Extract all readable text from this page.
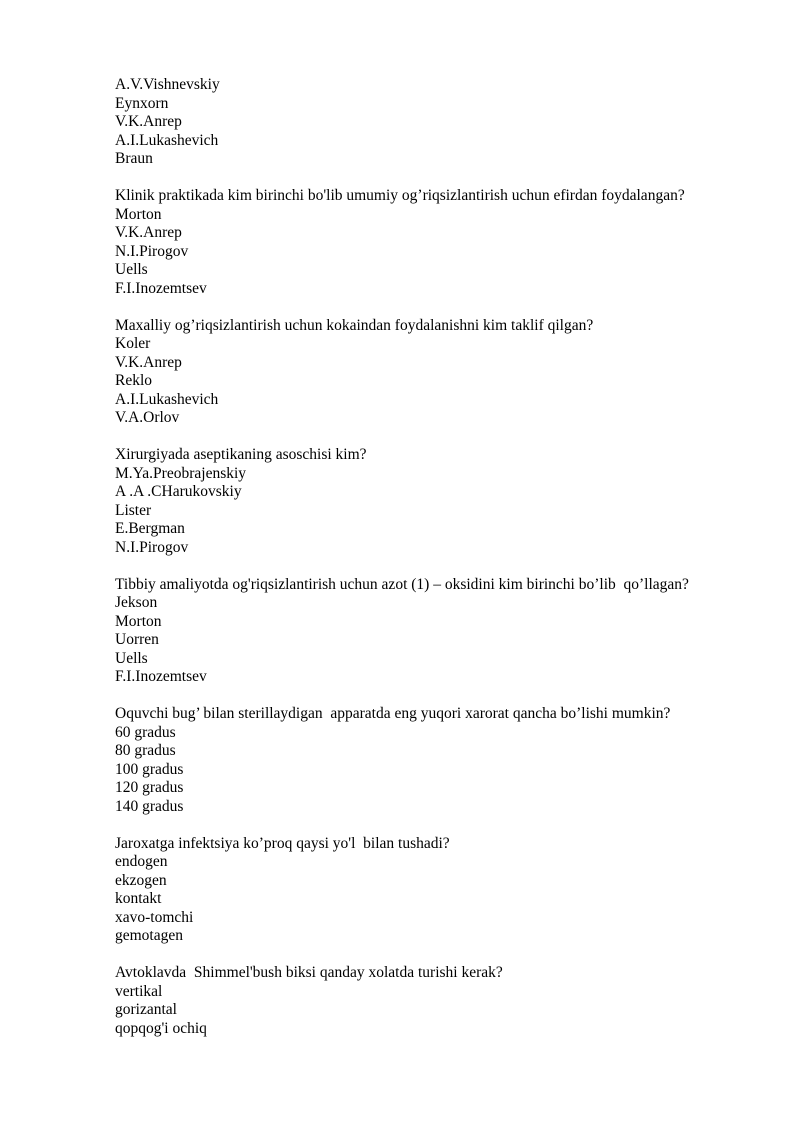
A.V.Vishnevskiy
Eynxorn
V.K.Anrep
A.I.Lukashevich
Braun
Klinik praktikada kim birinchi bo'lib umumiy og’riqsizlantirish uchun efirdan foydalangan?
Morton
V.K.Anrep
N.I.Pirogov
Uells
F.I.Inozemtsev
Maxalliy og’riqsizlantirish uchun kokaindan foydalanishni kim taklif qilgan?
Koler
V.K.Anrep
Reklo
A.I.Lukashevich
V.A.Orlov
Xirurgiyada aseptikaning asoschisi kim?
M.Ya.Preobrajenskiy
A .A .CHarukovskiy
Lister
E.Bergman
N.I.Pirogov
Tibbiy amaliyotda og'riqsizlantirish uchun azot (1) – oksidini kim birinchi bo’lib  qo’llagan?
Jekson
Morton
Uorren
Uells
F.I.Inozemtsev
Oquvchi bug’ bilan sterillaydigan  apparatda eng yuqori xarorat qancha bo’lishi mumkin?
60 gradus
80 gradus
100 gradus
120 gradus
140 gradus
Jaroxatga infektsiya ko’proq qaysi yo'l  bilan tushadi?
endogen
ekzogen
kontakt
xavo-tomchi
gemotagen
Avtoklavda  Shimmel'bush biksi qanday xolatda turishi kerak?
vertikal
gorizantal
qopqog'i ochiq
